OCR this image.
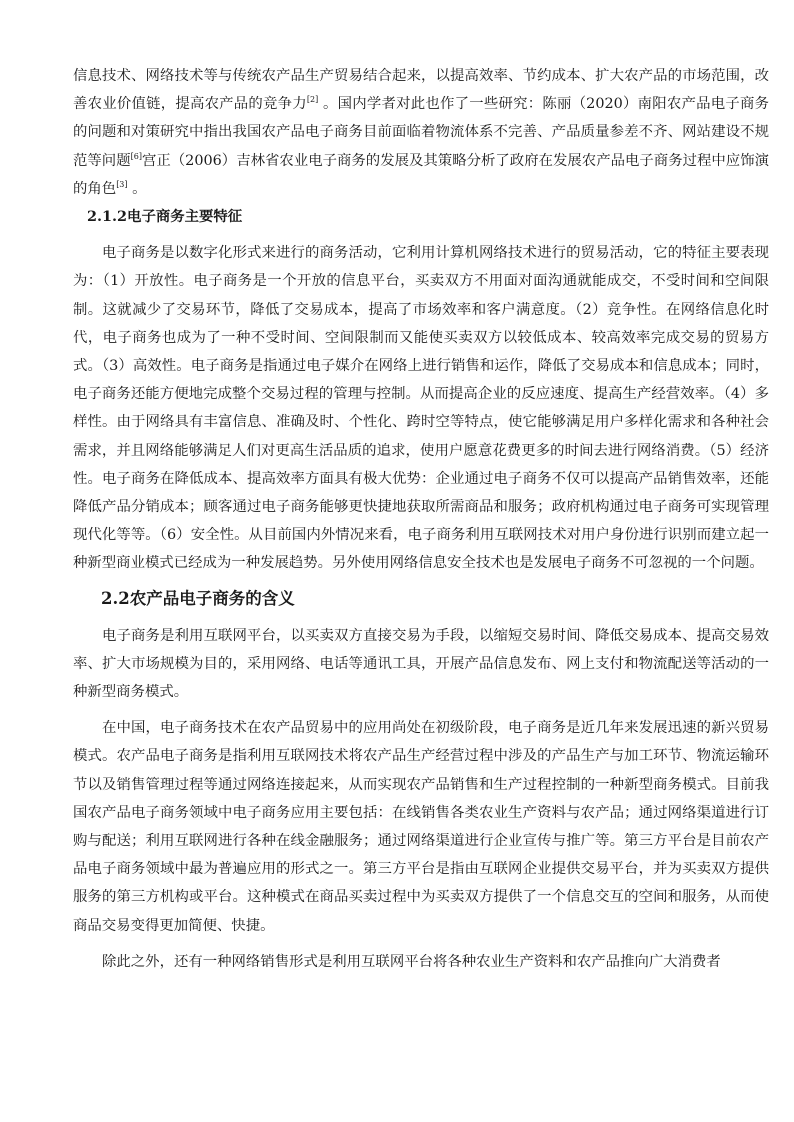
信息技术、网络技术等与传统农产品生产贸易结合起来，以提高效率、节约成本、扩大农产品的市场范围，改善农业价值链，提高农产品的竞争力[2] 。国内学者对此也作了一些研究：陈丽（2020）南阳农产品电子商务的问题和对策研究中指出我国农产品电子商务目前面临着物流体系不完善、产品质量参差不齐、网站建设不规范等问题[6]宫正（2006）吉林省农业电子商务的发展及其策略分析了政府在发展农产品电子商务过程中应饰演的角色[3] 。

2.1.2电子商务主要特征

电子商务是以数字化形式来进行的商务活动，它利用计算机网络技术进行的贸易活动，它的特征主要表现为：（1）开放性。电子商务是一个开放的信息平台，买卖双方不用面对面沟通就能成交，不受时间和空间限制。这就减少了交易环节，降低了交易成本，提高了市场效率和客户满意度。（2）竞争性。在网络信息化时代，电子商务也成为了一种不受时间、空间限制而又能使买卖双方以较低成本、较高效率完成交易的贸易方式。（3）高效性。电子商务是指通过电子媒介在网络上进行销售和运作，降低了交易成本和信息成本；同时，电子商务还能方便地完成整个交易过程的管理与控制。从而提高企业的反应速度、提高生产经营效率。（4）多样性。由于网络具有丰富信息、准确及时、个性化、跨时空等特点，使它能够满足用户多样化需求和各种社会需求，并且网络能够满足人们对更高生活品质的追求，使用户愿意花费更多的时间去进行网络消费。（5）经济性。电子商务在降低成本、提高效率方面具有极大优势：企业通过电子商务不仅可以提高产品销售效率，还能降低产品分销成本；顾客通过电子商务能够更快捷地获取所需商品和服务；政府机构通过电子商务可实现管理现代化等等。（6）安全性。从目前国内外情况来看，电子商务利用互联网技术对用户身份进行识别而建立起一种新型商业模式已经成为一种发展趋势。另外使用网络信息安全技术也是发展电子商务不可忽视的一个问题。

2.2农产品电子商务的含义

电子商务是利用互联网平台，以买卖双方直接交易为手段，以缩短交易时间、降低交易成本、提高交易效率、扩大市场规模为目的，采用网络、电话等通讯工具，开展产品信息发布、网上支付和物流配送等活动的一种新型商务模式。

在中国，电子商务技术在农产品贸易中的应用尚处在初级阶段，电子商务是近几年来发展迅速的新兴贸易模式。农产品电子商务是指利用互联网技术将农产品生产经营过程中涉及的产品生产与加工环节、物流运输环节以及销售管理过程等通过网络连接起来，从而实现农产品销售和生产过程控制的一种新型商务模式。目前我国农产品电子商务领域中电子商务应用主要包括：在线销售各类农业生产资料与农产品；通过网络渠道进行订购与配送；利用互联网进行各种在线金融服务；通过网络渠道进行企业宣传与推广等。第三方平台是目前农产品电子商务领域中最为普遍应用的形式之一。第三方平台是指由互联网企业提供交易平台，并为买卖双方提供服务的第三方机构或平台。这种模式在商品买卖过程中为买卖双方提供了一个信息交互的空间和服务，从而使商品交易变得更加简便、快捷。

除此之外，还有一种网络销售形式是利用互联网平台将各种农业生产资料和农产品推向广大消费者
